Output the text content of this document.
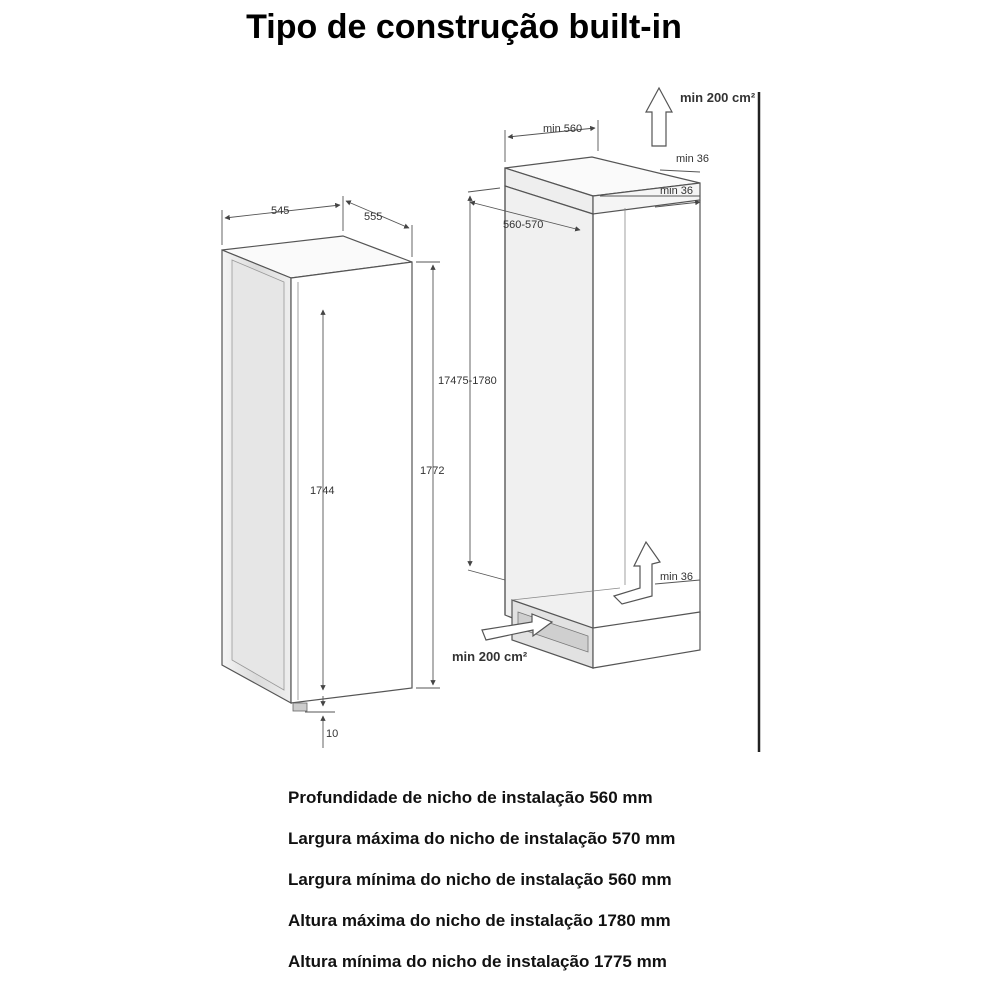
Tipo de construção built-in
545	555
1744
1772
10
min 560
min 200 cm²
min 36
min 36
560-570
17475-1780
min 36
min 200 cm²
Profundidade de nicho de instalação 560 mm
Largura máxima do nicho de instalação 570 mm
Largura mínima do nicho de instalação 560 mm
Altura máxima do nicho de instalação 1780 mm
Altura mínima do nicho de instalação 1775 mm
